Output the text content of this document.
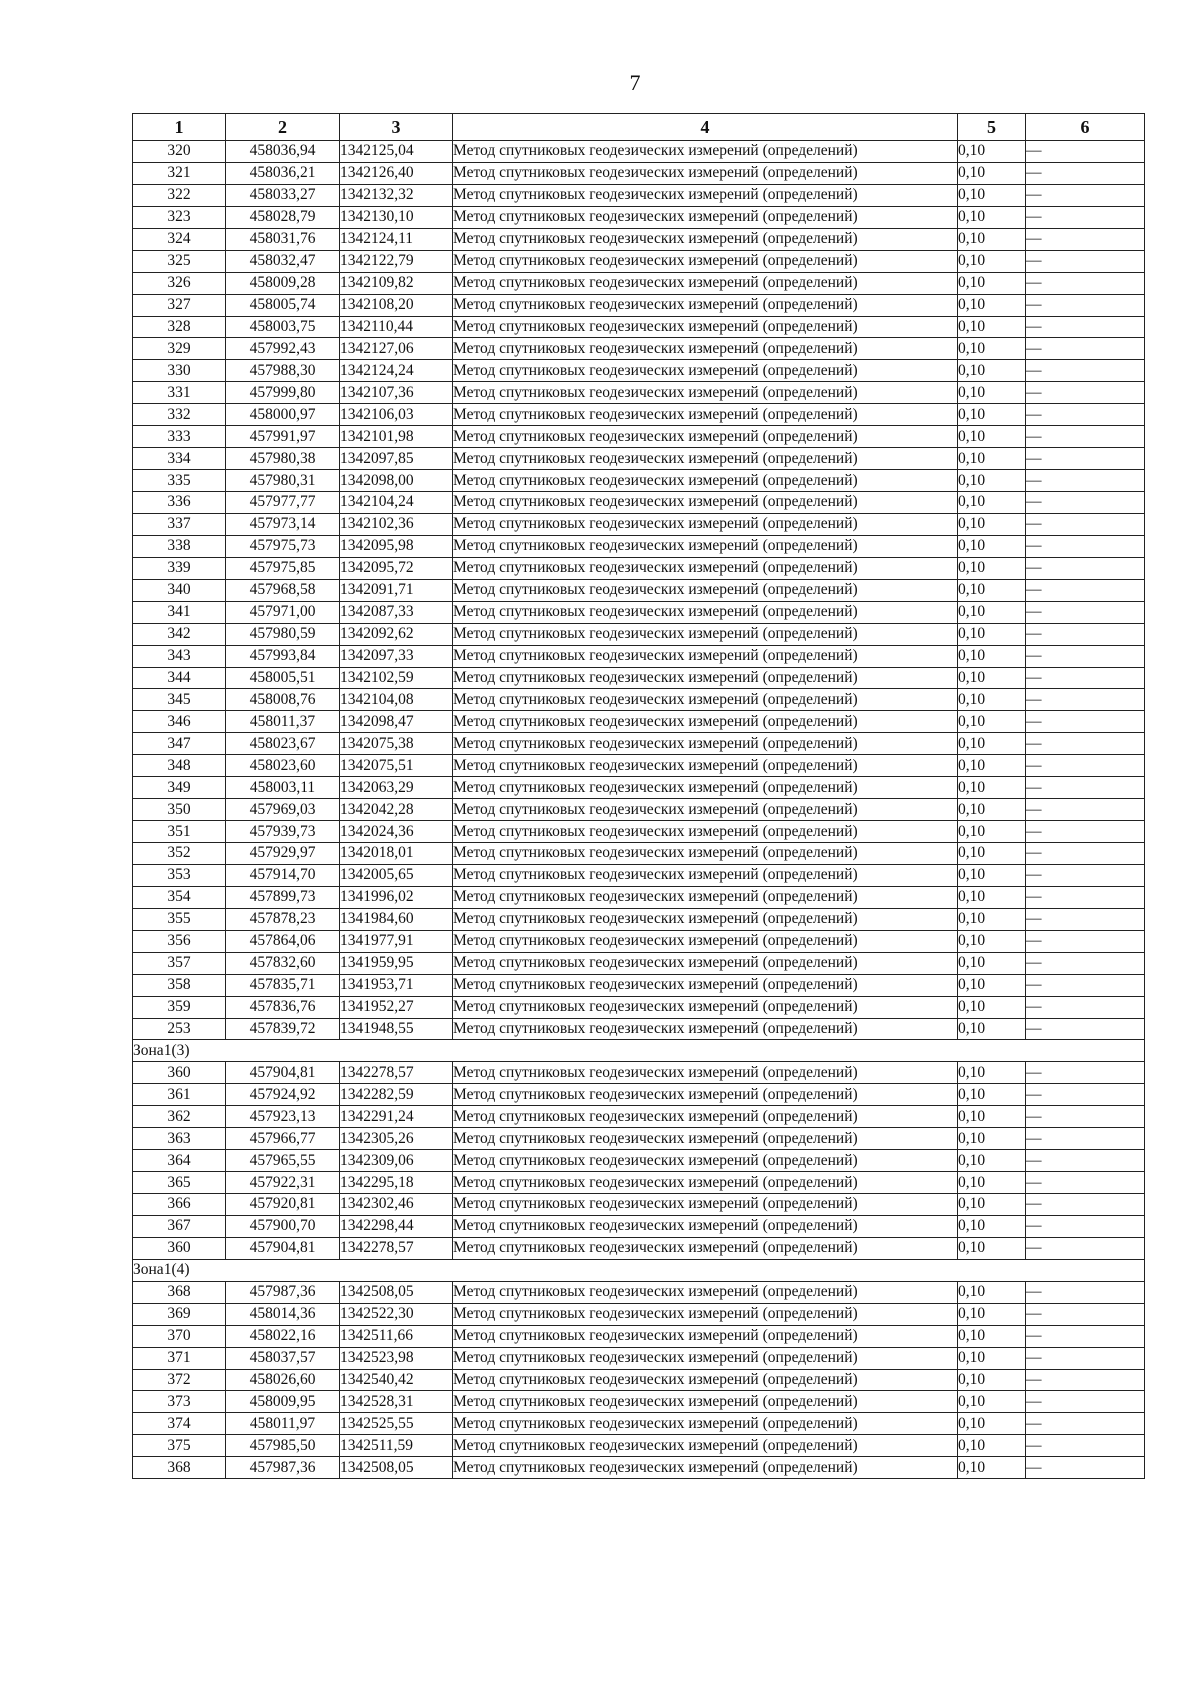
7
1	2	3	4	5	6
320	458036,94	1342125,04	Метод спутниковых геодезических измерений (определений)	0,10	—
321	458036,21	1342126,40	Метод спутниковых геодезических измерений (определений)	0,10	—
322	458033,27	1342132,32	Метод спутниковых геодезических измерений (определений)	0,10	—
323	458028,79	1342130,10	Метод спутниковых геодезических измерений (определений)	0,10	—
324	458031,76	1342124,11	Метод спутниковых геодезических измерений (определений)	0,10	—
325	458032,47	1342122,79	Метод спутниковых геодезических измерений (определений)	0,10	—
326	458009,28	1342109,82	Метод спутниковых геодезических измерений (определений)	0,10	—
327	458005,74	1342108,20	Метод спутниковых геодезических измерений (определений)	0,10	—
328	458003,75	1342110,44	Метод спутниковых геодезических измерений (определений)	0,10	—
329	457992,43	1342127,06	Метод спутниковых геодезических измерений (определений)	0,10	—
330	457988,30	1342124,24	Метод спутниковых геодезических измерений (определений)	0,10	—
331	457999,80	1342107,36	Метод спутниковых геодезических измерений (определений)	0,10	—
332	458000,97	1342106,03	Метод спутниковых геодезических измерений (определений)	0,10	—
333	457991,97	1342101,98	Метод спутниковых геодезических измерений (определений)	0,10	—
334	457980,38	1342097,85	Метод спутниковых геодезических измерений (определений)	0,10	—
335	457980,31	1342098,00	Метод спутниковых геодезических измерений (определений)	0,10	—
336	457977,77	1342104,24	Метод спутниковых геодезических измерений (определений)	0,10	—
337	457973,14	1342102,36	Метод спутниковых геодезических измерений (определений)	0,10	—
338	457975,73	1342095,98	Метод спутниковых геодезических измерений (определений)	0,10	—
339	457975,85	1342095,72	Метод спутниковых геодезических измерений (определений)	0,10	—
340	457968,58	1342091,71	Метод спутниковых геодезических измерений (определений)	0,10	—
341	457971,00	1342087,33	Метод спутниковых геодезических измерений (определений)	0,10	—
342	457980,59	1342092,62	Метод спутниковых геодезических измерений (определений)	0,10	—
343	457993,84	1342097,33	Метод спутниковых геодезических измерений (определений)	0,10	—
344	458005,51	1342102,59	Метод спутниковых геодезических измерений (определений)	0,10	—
345	458008,76	1342104,08	Метод спутниковых геодезических измерений (определений)	0,10	—
346	458011,37	1342098,47	Метод спутниковых геодезических измерений (определений)	0,10	—
347	458023,67	1342075,38	Метод спутниковых геодезических измерений (определений)	0,10	—
348	458023,60	1342075,51	Метод спутниковых геодезических измерений (определений)	0,10	—
349	458003,11	1342063,29	Метод спутниковых геодезических измерений (определений)	0,10	—
350	457969,03	1342042,28	Метод спутниковых геодезических измерений (определений)	0,10	—
351	457939,73	1342024,36	Метод спутниковых геодезических измерений (определений)	0,10	—
352	457929,97	1342018,01	Метод спутниковых геодезических измерений (определений)	0,10	—
353	457914,70	1342005,65	Метод спутниковых геодезических измерений (определений)	0,10	—
354	457899,73	1341996,02	Метод спутниковых геодезических измерений (определений)	0,10	—
355	457878,23	1341984,60	Метод спутниковых геодезических измерений (определений)	0,10	—
356	457864,06	1341977,91	Метод спутниковых геодезических измерений (определений)	0,10	—
357	457832,60	1341959,95	Метод спутниковых геодезических измерений (определений)	0,10	—
358	457835,71	1341953,71	Метод спутниковых геодезических измерений (определений)	0,10	—
359	457836,76	1341952,27	Метод спутниковых геодезических измерений (определений)	0,10	—
253	457839,72	1341948,55	Метод спутниковых геодезических измерений (определений)	0,10	—
Зона1(3)					
360	457904,81	1342278,57	Метод спутниковых геодезических измерений (определений)	0,10	—
361	457924,92	1342282,59	Метод спутниковых геодезических измерений (определений)	0,10	—
362	457923,13	1342291,24	Метод спутниковых геодезических измерений (определений)	0,10	—
363	457966,77	1342305,26	Метод спутниковых геодезических измерений (определений)	0,10	—
364	457965,55	1342309,06	Метод спутниковых геодезических измерений (определений)	0,10	—
365	457922,31	1342295,18	Метод спутниковых геодезических измерений (определений)	0,10	—
366	457920,81	1342302,46	Метод спутниковых геодезических измерений (определений)	0,10	—
367	457900,70	1342298,44	Метод спутниковых геодезических измерений (определений)	0,10	—
360	457904,81	1342278,57	Метод спутниковых геодезических измерений (определений)	0,10	—
Зона1(4)					
368	457987,36	1342508,05	Метод спутниковых геодезических измерений (определений)	0,10	—
369	458014,36	1342522,30	Метод спутниковых геодезических измерений (определений)	0,10	—
370	458022,16	1342511,66	Метод спутниковых геодезических измерений (определений)	0,10	—
371	458037,57	1342523,98	Метод спутниковых геодезических измерений (определений)	0,10	—
372	458026,60	1342540,42	Метод спутниковых геодезических измерений (определений)	0,10	—
373	458009,95	1342528,31	Метод спутниковых геодезических измерений (определений)	0,10	—
374	458011,97	1342525,55	Метод спутниковых геодезических измерений (определений)	0,10	—
375	457985,50	1342511,59	Метод спутниковых геодезических измерений (определений)	0,10	—
368	457987,36	1342508,05	Метод спутниковых геодезических измерений (определений)	0,10	—
